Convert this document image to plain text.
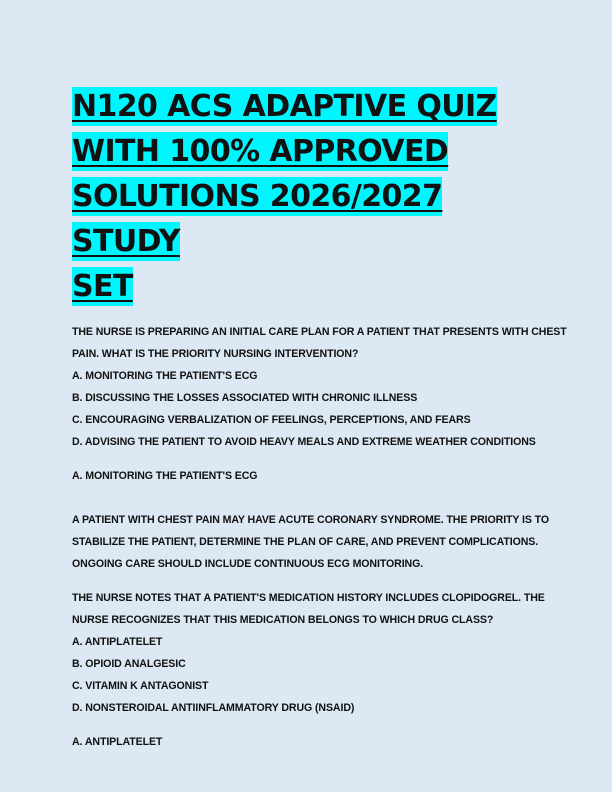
N120 ACS ADAPTIVE QUIZ
WITH 100% APPROVED
SOLUTIONS 2026/2027 STUDY
SET
THE NURSE IS PREPARING AN INITIAL CARE PLAN FOR A PATIENT THAT PRESENTS WITH CHEST
PAIN. WHAT IS THE PRIORITY NURSING INTERVENTION?
A. MONITORING THE PATIENT'S ECG
B. DISCUSSING THE LOSSES ASSOCIATED WITH CHRONIC ILLNESS
C. ENCOURAGING VERBALIZATION OF FEELINGS, PERCEPTIONS, AND FEARS
D. ADVISING THE PATIENT TO AVOID HEAVY MEALS AND EXTREME WEATHER CONDITIONS
A. MONITORING THE PATIENT'S ECG
A PATIENT WITH CHEST PAIN MAY HAVE ACUTE CORONARY SYNDROME. THE PRIORITY IS TO
STABILIZE THE PATIENT, DETERMINE THE PLAN OF CARE, AND PREVENT COMPLICATIONS.
ONGOING CARE SHOULD INCLUDE CONTINUOUS ECG MONITORING.
THE NURSE NOTES THAT A PATIENT'S MEDICATION HISTORY INCLUDES CLOPIDOGREL. THE
NURSE RECOGNIZES THAT THIS MEDICATION BELONGS TO WHICH DRUG CLASS?
A. ANTIPLATELET
B. OPIOID ANALGESIC
C. VITAMIN K ANTAGONIST
D. NONSTEROIDAL ANTIINFLAMMATORY DRUG (NSAID)
A. ANTIPLATELET
